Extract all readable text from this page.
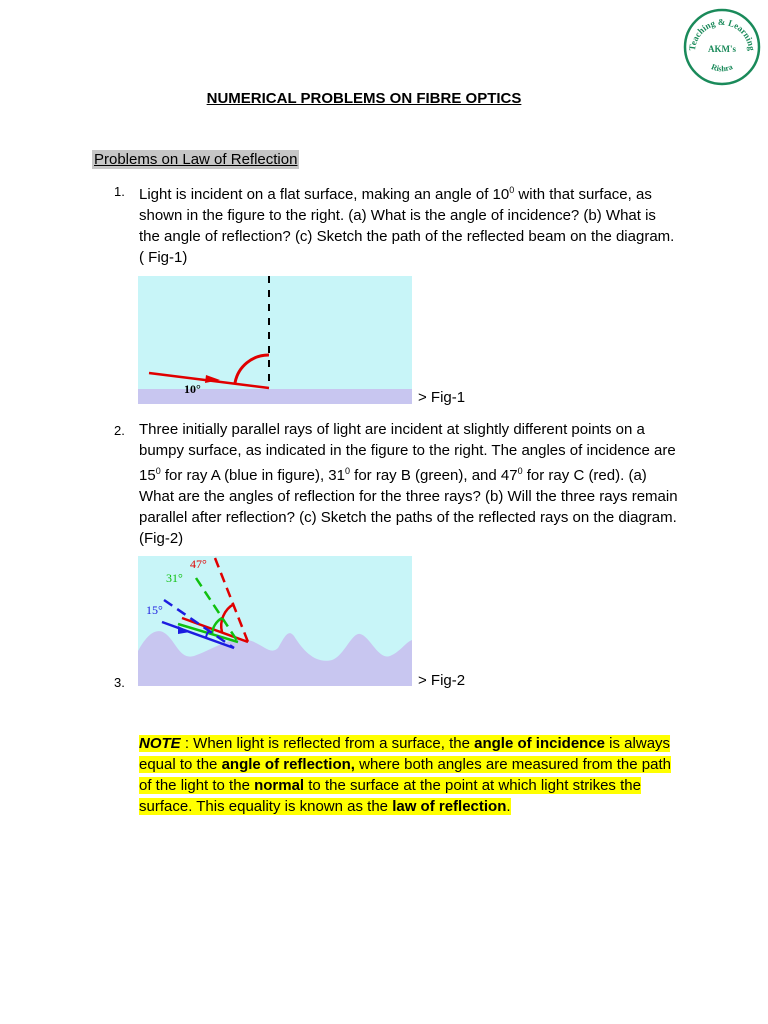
Teaching & Learning
AKM's
Rishra
NUMERICAL PROBLEMS ON FIBRE OPTICS
Problems on Law of Reflection
1. Light is incident on a flat surface, making an angle of $10^0$ with that surface, as shown in the figure to the right. (a) What is the angle of incidence? (b) What is the angle of reflection? (c) Sketch the path of the reflected beam on the diagram. ( Fig-1)
10°	> Fig-1
2. Three initially parallel rays of light are incident at slightly different points on a bumpy surface, as indicated in the figure to the right. The angles of incidence are $15^0$ for ray A (blue in figure), $31^0$ for ray B (green), and $47^0$ for ray C (red). (a) What are the angles of reflection for the three rays? (b) Will the three rays remain parallel after reflection? (c) Sketch the paths of the reflected rays on the diagram.(Fig-2)
47°
31°
15°
3.	> Fig-2
NOTE : When light is reflected from a surface, the angle of incidence is always equal to the angle of reflection, where both angles are measured from the path of the light to the normal to the surface at the point at which light strikes the surface. This equality is known as the law of reflection.
